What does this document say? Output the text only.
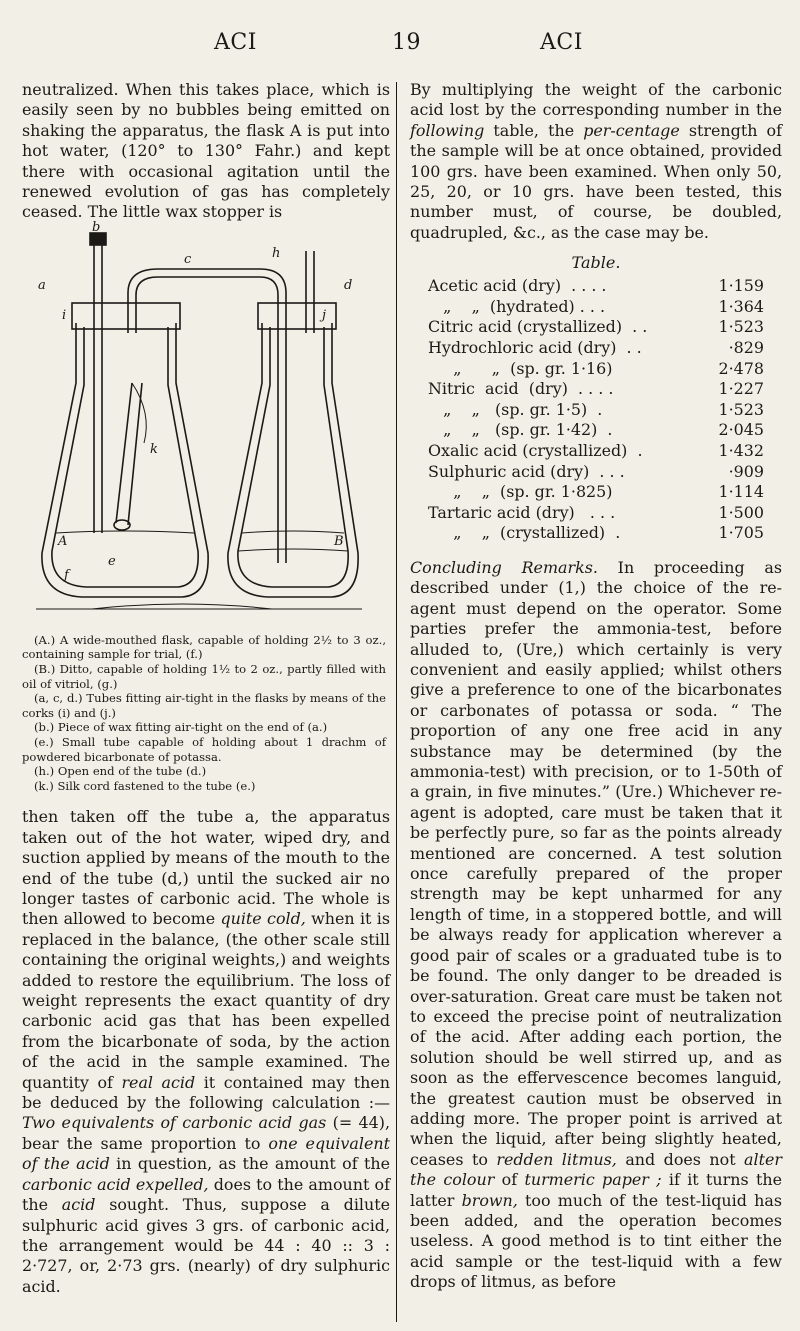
ACI	19	ACI

neutralized. When this takes place, which is easily seen by no bubbles being emitted on shaking the apparatus, the flask A is put into hot water, (120° to 130° Fahr.) and kept there with occasional agitation until the renewed evolution of gas has completely ceased. The little wax stopper is

b
h
a
c
d
k
A	B
f
i
e
j
(A.) A wide-mouthed flask, capable of holding 2½ to 3 oz., containing sample for trial, (f.)
(B.) Ditto, capable of holding 1½ to 2 oz., partly filled with oil of vitriol, (g.)
(a, c, d.) Tubes fitting air-tight in the flasks by means of the corks (i) and (j.)
(b.) Piece of wax fitting air-tight on the end of (a.)
(e.) Small tube capable of holding about 1 drachm of powdered bicarbonate of potassa.
(h.) Open end of the tube (d.)
(k.) Silk cord fastened to the tube (e.)

then taken off the tube a, the apparatus taken out of the hot water, wiped dry, and suction applied by means of the mouth to the end of the tube (d,) until the sucked air no longer tastes of carbonic acid. The whole is then allowed to become quite cold, when it is replaced in the balance, (the other scale still containing the original weights,) and weights added to restore the equilibrium. The loss of weight represents the exact quantity of dry carbonic acid gas that has been expelled from the bicarbonate of soda, by the action of the acid in the sample examined. The quantity of real acid it contained may then be deduced by the following calculation :—Two equivalents of carbonic acid gas (= 44), bear the same proportion to one equivalent of the acid in question, as the amount of the carbonic acid expelled, does to the amount of the acid sought. Thus, suppose a dilute sulphuric acid gives 3 grs. of carbonic acid, the arrangement would be 44 : 40 :: 3 : 2·727, or, 2·73 grs. (nearly) of dry sulphuric acid.

By multiplying the weight of the carbonic acid lost by the corresponding number in the following table, the per-centage strength of the sample will be at once obtained, provided 100 grs. have been examined. When only 50, 25, 20, or 10 grs. have been tested, this number must, of course, be doubled, quadrupled, &c., as the case may be.

Table.
Acetic acid (dry)  . . . .	1·159
„    „  (hydrated) . . .	1·364
Citric acid (crystallized)  . .	1·523
Hydrochloric acid (dry)  . .	·829
„      „  (sp. gr. 1·16)	2·478
Nitric  acid  (dry)  . . . .	1·227
„    „   (sp. gr. 1·5)  .	1·523
„    „   (sp. gr. 1·42)  .	2·045
Oxalic acid (crystallized)  .	1·432
Sulphuric acid (dry)  . . .	·909
„    „  (sp. gr. 1·825)	1·114
Tartaric acid (dry)   . . .	1·500
„    „  (crystallized)  .	1·705

Concluding Remarks. In proceeding as described under (1,) the choice of the re-agent must depend on the operator. Some parties prefer the ammonia-test, before alluded to, (Ure,) which certainly is very convenient and easily applied; whilst others give a preference to one of the bicarbonates or carbonates of potassa or soda. “ The proportion of any one free acid in any substance may be determined (by the ammonia-test) with precision, or to 1-50th of a grain, in five minutes.” (Ure.) Whichever re-agent is adopted, care must be taken that it be perfectly pure, so far as the points already mentioned are concerned. A test solution once carefully prepared of the proper strength may be kept unharmed for any length of time, in a stoppered bottle, and will be always ready for application wherever a good pair of scales or a graduated tube is to be found. The only danger to be dreaded is over-saturation. Great care must be taken not to exceed the precise point of neutralization of the acid. After adding each portion, the solution should be well stirred up, and as soon as the effervescence becomes languid, the greatest caution must be observed in adding more. The proper point is arrived at when the liquid, after being slightly heated, ceases to redden litmus, and does not alter the colour of turmeric paper ; if it turns the latter brown, too much of the test-liquid has been added, and the operation becomes useless. A good method is to tint either the acid sample or the test-liquid with a few drops of litmus, as before
